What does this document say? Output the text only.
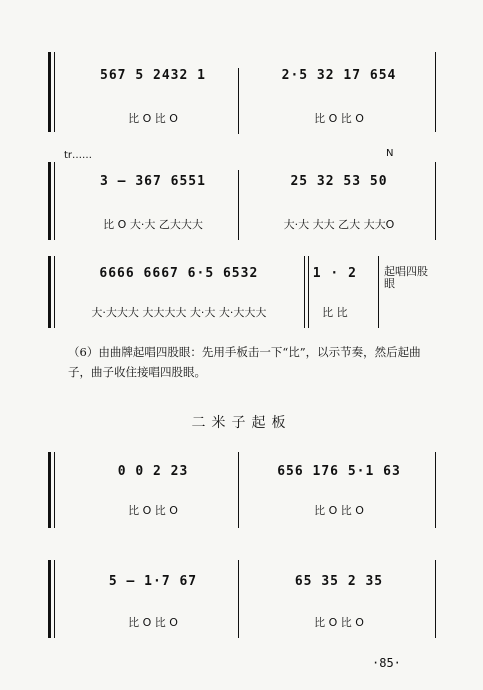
567 5 2432 1	2·5 32 17 654
比 O 比 O	比 O 比 O
tr……	N
3 — 367 6551	25 32 53 50
比 O 大·大 乙大大大	大·大 大大 乙大 大大O
6666 6667 6·5 6532	1 · 2
大·大大大 大大大大 大·大 大·大大大	比 比
起唱四股眼
（6）由曲牌起唱四股眼：先用手板击一下“比”，以示节奏，然后起曲子，曲子收住接唱四股眼。
二米子起板
0 0 2 23	656 176 5·1 63
比 O 比 O	比 O 比 O
5 — 1·7 67	65 35 2 35
比 O 比 O	比 O 比 O
·85·
